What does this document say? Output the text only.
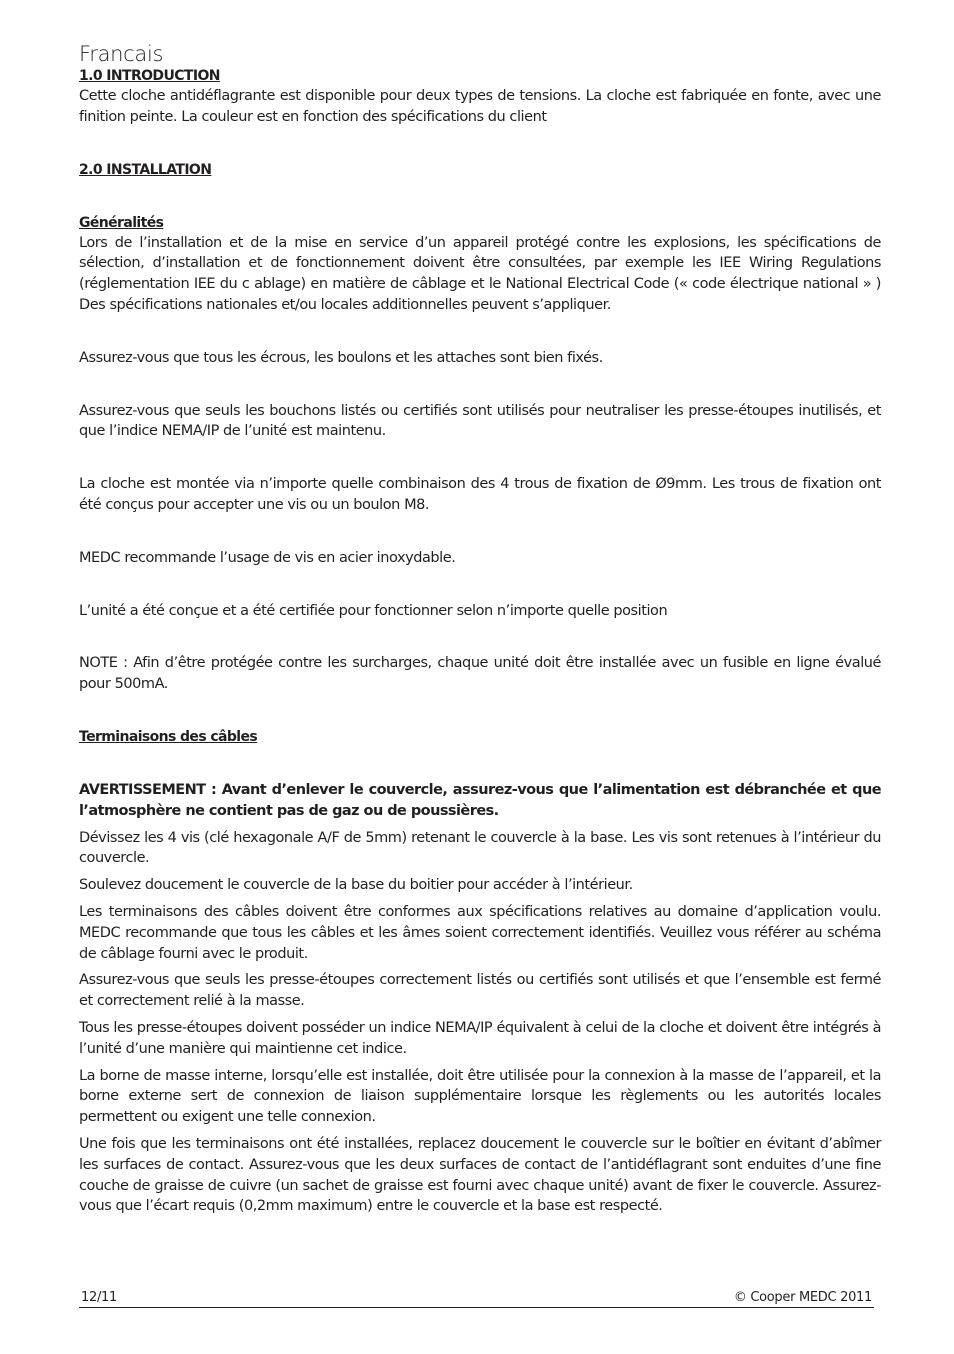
Francais
1.0 INTRODUCTION

Cette cloche antidéflagrante est disponible pour deux types de tensions. La cloche est fabriquée en fonte, avec une finition peinte. La couleur est en fonction des spécifications du client

2.0 INSTALLATION
Généralités

Lors de l’installation et de la mise en service d’un appareil protégé contre les explosions, les spécifications de sélection, d’installation et de fonctionnement doivent être consultées, par exemple les IEE Wiring Regulations (réglementation IEE du c ablage) en matière de câblage et le National Electrical Code (« code électrique national » ) Des spécifications nationales et/ou locales additionnelles peuvent s’appliquer.

Assurez-vous que tous les écrous, les boulons et les attaches sont bien fixés.

Assurez-vous que seuls les bouchons listés ou certifiés sont utilisés pour neutraliser les presse-étoupes inutilisés, et que l’indice NEMA/IP de l’unité est maintenu.

La cloche est montée via n’importe quelle combinaison des 4 trous de fixation de Ø9mm. Les trous de fixation ont été conçus pour accepter une vis ou un boulon M8.

MEDC recommande l’usage de vis en acier inoxydable.

L’unité a été conçue et a été certifiée pour fonctionner selon n’importe quelle position

NOTE : Afin d’être protégée contre les surcharges, chaque unité doit être installée avec un fusible en ligne évalué pour 500mA.

Terminaisons des câbles

AVERTISSEMENT : Avant d’enlever le couvercle, assurez-vous que l’alimentation est débranchée et que l’atmosphère ne contient pas de gaz ou de poussières.

Dévissez les 4 vis (clé hexagonale A/F de 5mm) retenant le couvercle à la base. Les vis sont retenues à l’intérieur du couvercle.

Soulevez doucement le couvercle de la base du boitier pour accéder à l’intérieur.

Les terminaisons des câbles doivent être conformes aux spécifications relatives au domaine d’application voulu. MEDC recommande que tous les câbles et les âmes soient correctement identifiés. Veuillez vous référer au schéma de câblage fourni avec le produit.

Assurez-vous que seuls les presse-étoupes correctement listés ou certifiés sont utilisés et que l’ensemble est fermé et correctement relié à la masse.

Tous les presse-étoupes doivent posséder un indice NEMA/IP équivalent à celui de la cloche et doivent être intégrés à l’unité d’une manière qui maintienne cet indice.

La borne de masse interne, lorsqu’elle est installée, doit être utilisée pour la connexion à la masse de l’appareil, et la borne externe sert de connexion de liaison supplémentaire lorsque les règlements ou les autorités locales permettent ou exigent une telle connexion.

Une fois que les terminaisons ont été installées, replacez doucement le couvercle sur le boîtier en évitant d’abîmer les surfaces de contact. Assurez-vous que les deux surfaces de contact de l’antidéflagrant sont enduites d’une fine couche de graisse de cuivre (un sachet de graisse est fourni avec chaque unité) avant de fixer le couvercle. Assurez-vous que l’écart requis (0,2mm maximum) entre le couvercle et la base est respecté.

12/11	© Cooper MEDC 2011
